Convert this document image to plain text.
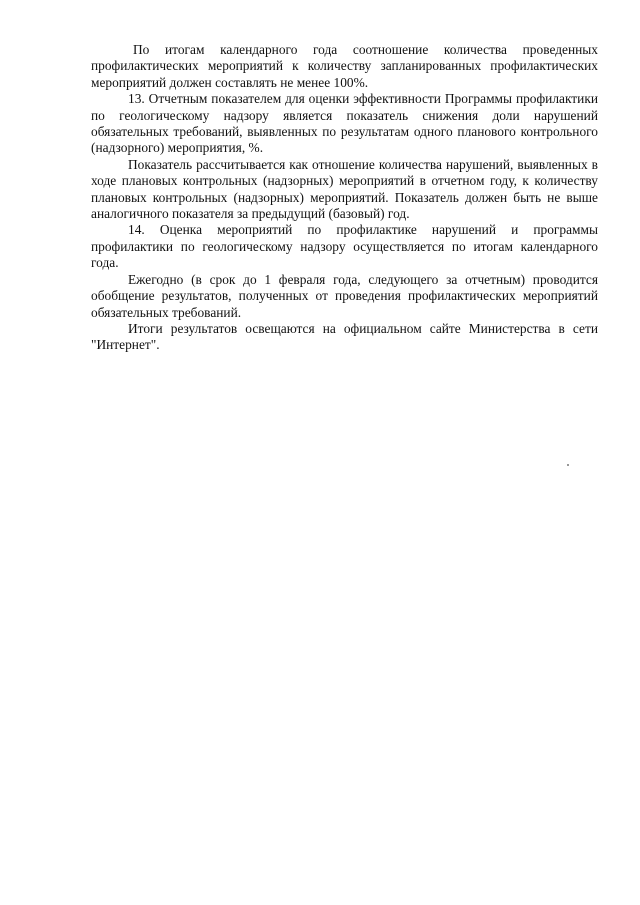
По итогам календарного года соотношение количества проведенных профилактических мероприятий к количеству запланированных профилактических мероприятий должен составлять не менее 100%.

13. Отчетным показателем для оценки эффективности Программы профилактики по геологическому надзору является показатель снижения доли нарушений обязательных требований, выявленных по результатам одного планового контрольного (надзорного) мероприятия, %.

Показатель рассчитывается как отношение количества нарушений, выявленных в ходе плановых контрольных (надзорных) мероприятий в отчетном году, к количеству плановых контрольных (надзорных) мероприятий. Показатель должен быть не выше аналогичного показателя за предыдущий (базовый) год.

14. Оценка мероприятий по профилактике нарушений и программы профилактики по геологическому надзору осуществляется по итогам календарного года.

Ежегодно (в срок до 1 февраля года, следующего за отчетным) проводится обобщение результатов, полученных от проведения профилактических мероприятий обязательных требований.

Итоги результатов освещаются на официальном сайте Министерства в сети "Интернет".
